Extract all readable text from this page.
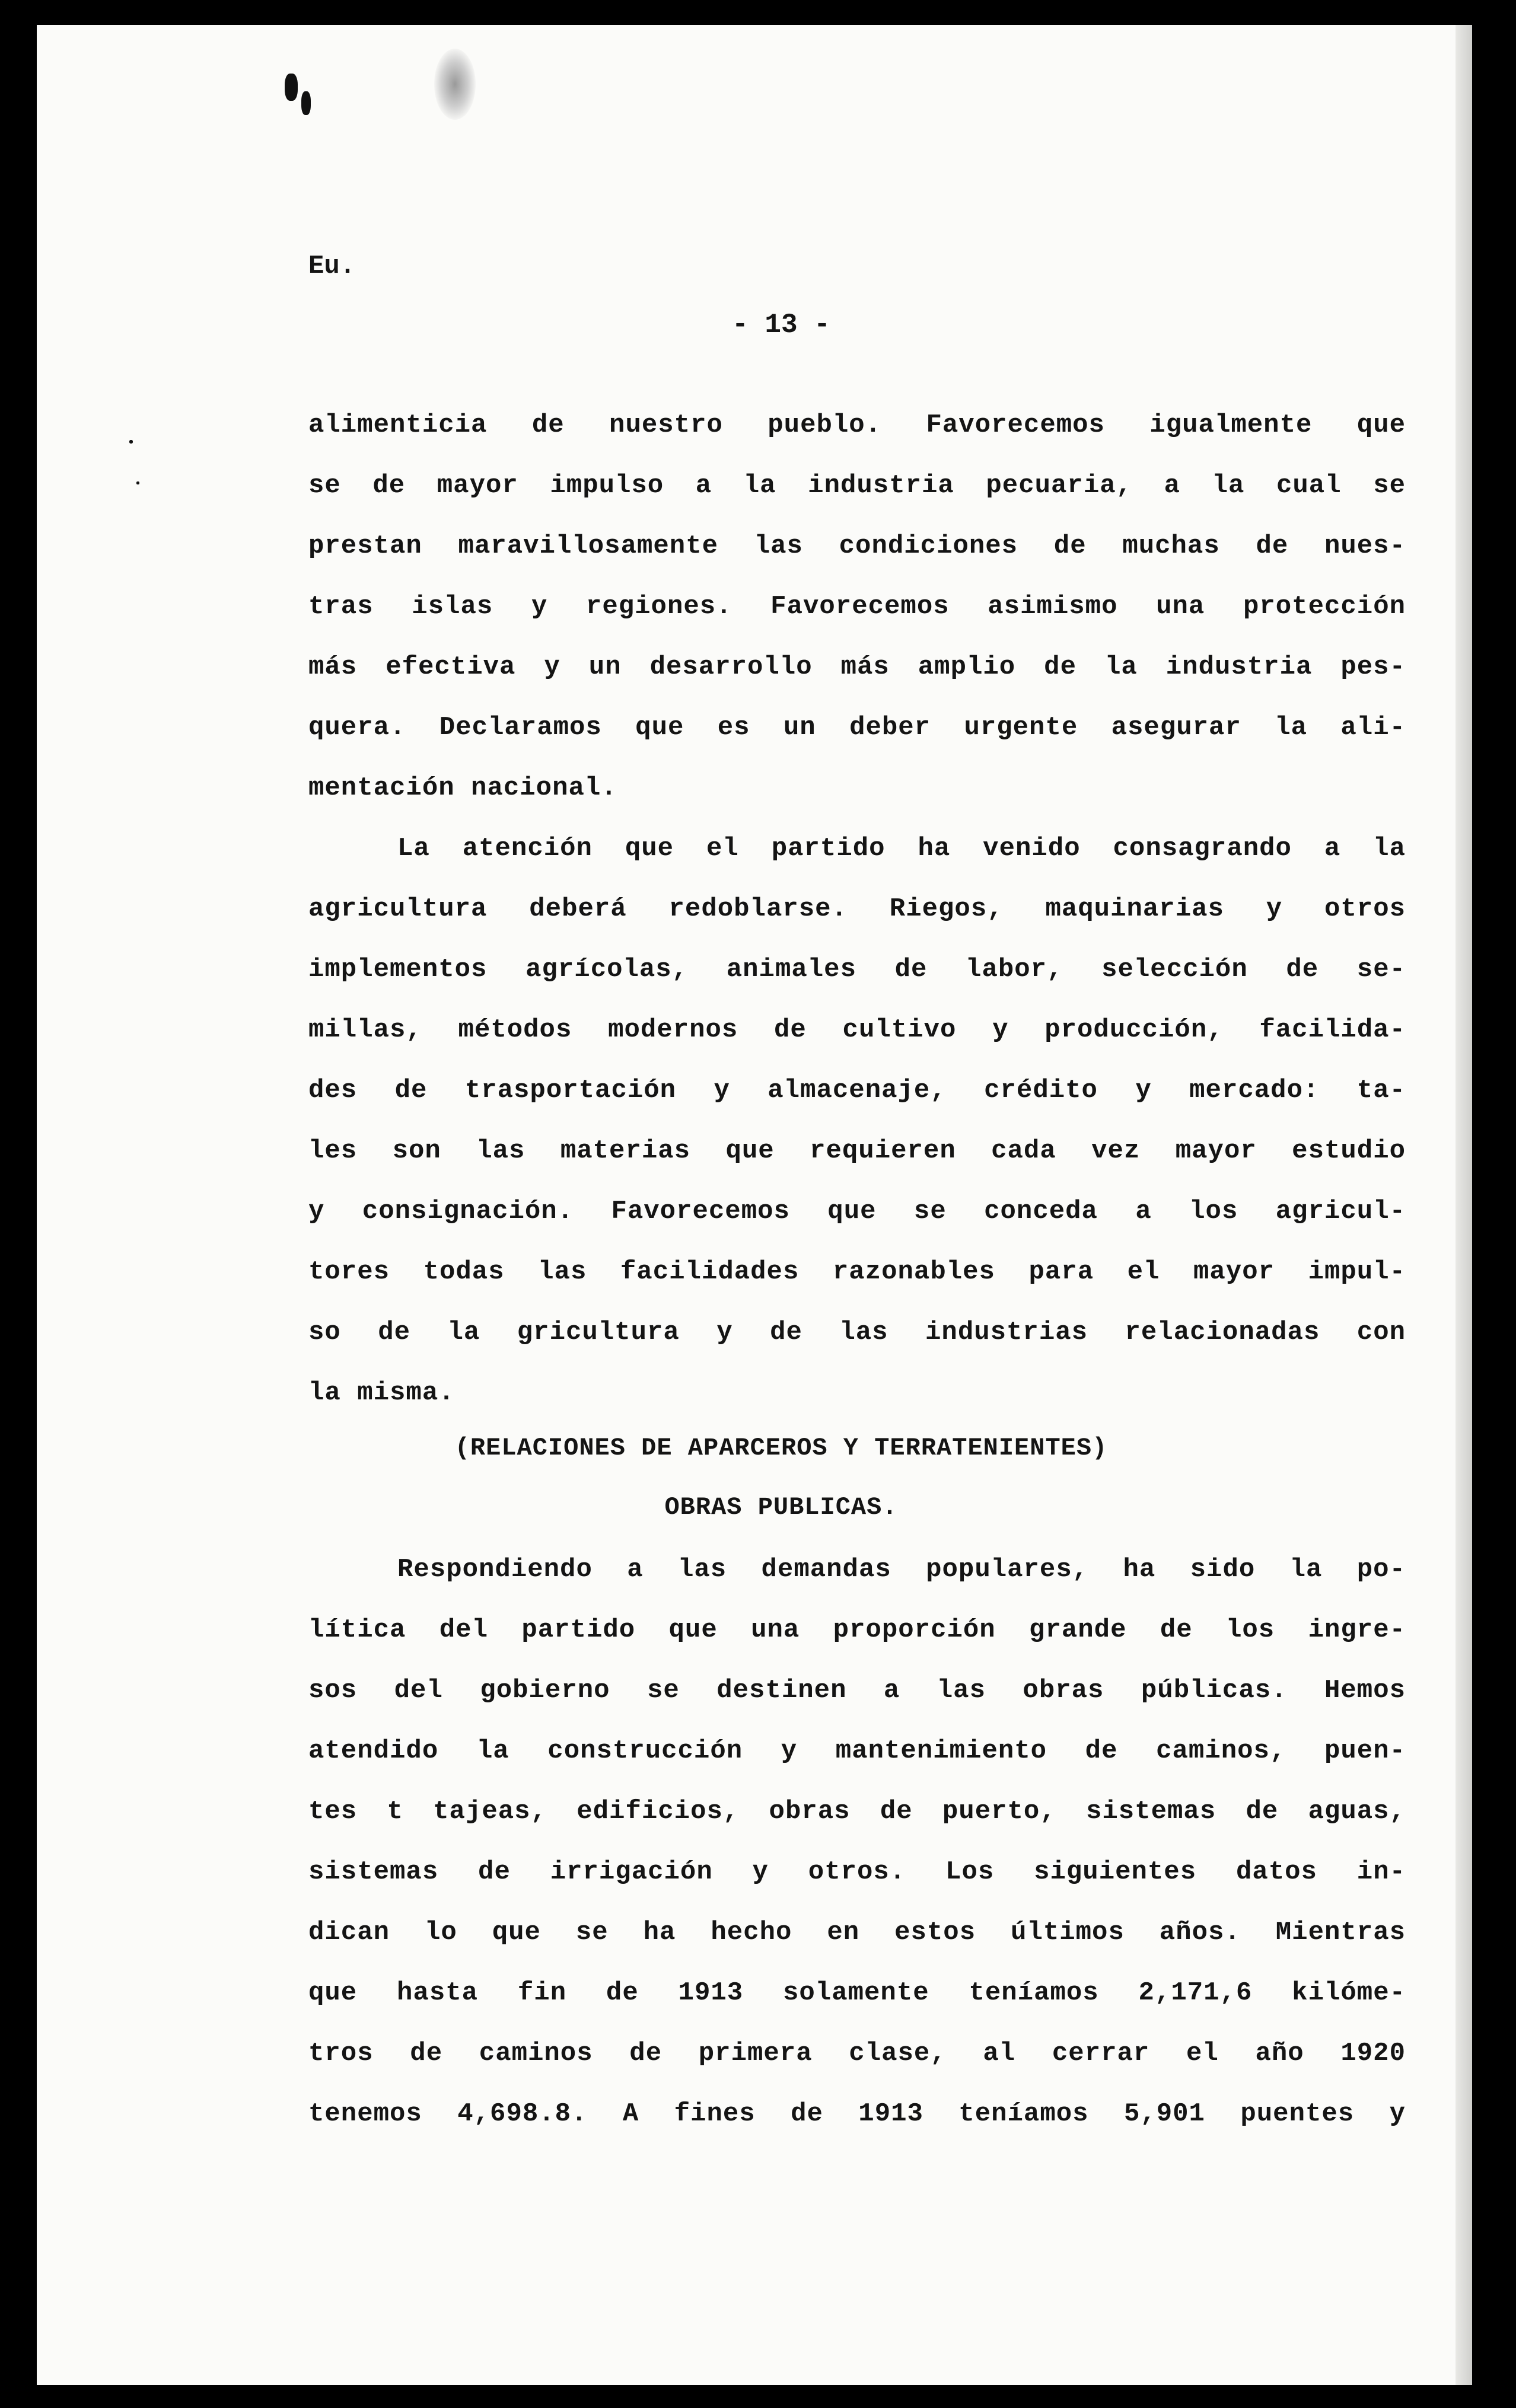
Eu.

- 13 -

alimenticia de nuestro pueblo. Favorecemos igualmente que

se de mayor impulso a la industria pecuaria, a la cual se

prestan maravillosamente las condiciones de muchas de nues-

tras islas y regiones. Favorecemos asimismo una protección

más efectiva y un desarrollo más amplio de la industria pes-

quera. Declaramos que es un deber urgente asegurar la ali-

mentación nacional.

La atención que el partido ha venido consagrando a la

agricultura deberá redoblarse. Riegos, maquinarias y otros

implementos agrícolas, animales de labor, selección de se-

millas, métodos modernos de cultivo y producción, facilida-

des de trasportación y almacenaje, crédito y mercado: ta-

les son las materias que requieren cada vez mayor estudio

y consignación. Favorecemos que se conceda a los agricul-

tores todas las facilidades razonables para el mayor impul-

so de la gricultura y de las industrias relacionadas con

la misma.

(RELACIONES DE APARCEROS Y TERRATENIENTES)

OBRAS PUBLICAS.

Respondiendo a las demandas populares, ha sido la po-

lítica del partido que una proporción grande de los ingre-

sos del gobierno se destinen a las obras públicas. Hemos

atendido la construcción y mantenimiento de caminos, puen-

tes t tajeas, edificios, obras de puerto, sistemas de aguas,

sistemas de irrigación y otros. Los siguientes datos in-

dican lo que se ha hecho en estos últimos años. Mientras

que hasta fin de 1913 solamente teníamos 2,171,6 kilóme-

tros de caminos de primera clase, al cerrar el año 1920

tenemos 4,698.8. A fines de 1913 teníamos 5,901 puentes y
